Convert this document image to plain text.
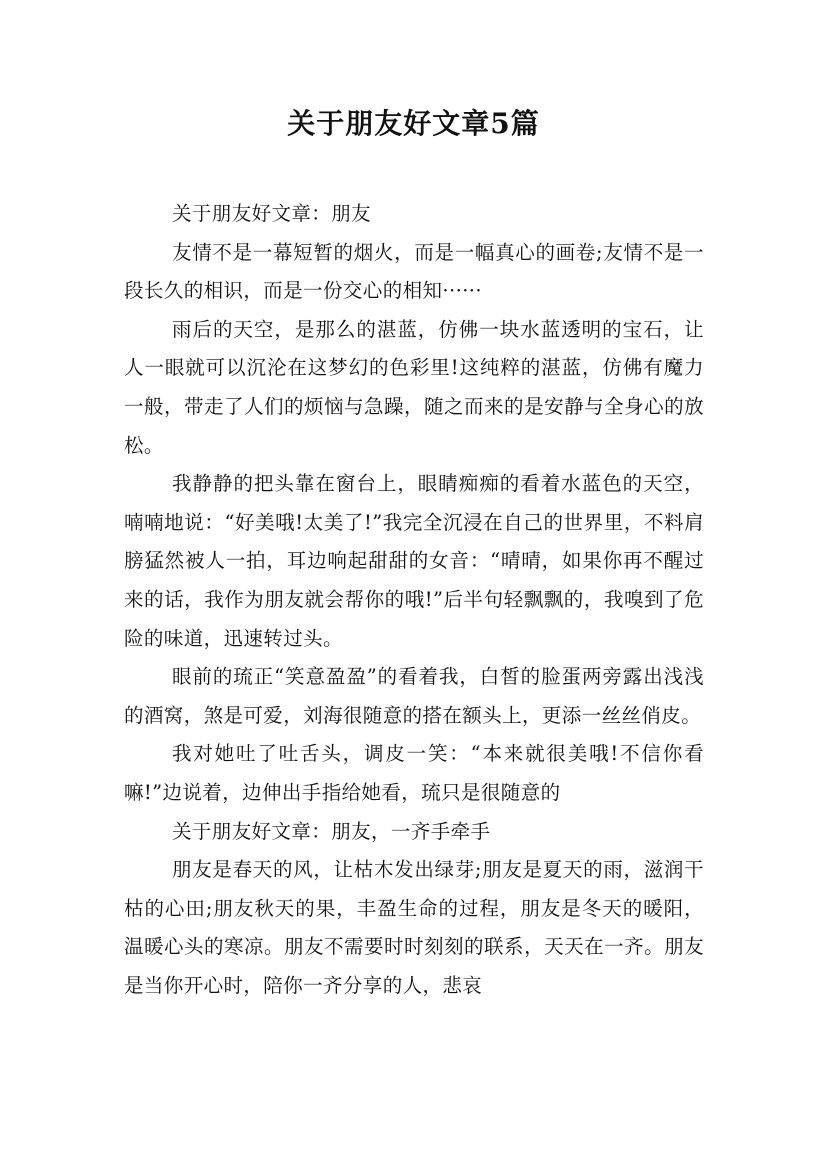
关于朋友好文章5篇

关于朋友好文章：朋友

友情不是一幕短暂的烟火，而是一幅真心的画卷;友情不是一段长久的相识，而是一份交心的相知······

雨后的天空，是那么的湛蓝，仿佛一块水蓝透明的宝石，让人一眼就可以沉沦在这梦幻的色彩里!这纯粹的湛蓝，仿佛有魔力一般，带走了人们的烦恼与急躁，随之而来的是安静与全身心的放松。

我静静的把头靠在窗台上，眼睛痴痴的看着水蓝色的天空，喃喃地说：“好美哦!太美了!”我完全沉浸在自己的世界里，不料肩膀猛然被人一拍，耳边响起甜甜的女音：“晴晴，如果你再不醒过来的话，我作为朋友就会帮你的哦!”后半句轻飘飘的，我嗅到了危险的味道，迅速转过头。

眼前的琉正“笑意盈盈”的看着我，白皙的脸蛋两旁露出浅浅的酒窝，煞是可爱，刘海很随意的搭在额头上，更添一丝丝俏皮。

我对她吐了吐舌头，调皮一笑：“本来就很美哦!不信你看嘛!”边说着，边伸出手指给她看，琉只是很随意的

关于朋友好文章：朋友，一齐手牵手

朋友是春天的风，让枯木发出绿芽;朋友是夏天的雨，滋润干枯的心田;朋友秋天的果，丰盈生命的过程，朋友是冬天的暖阳，温暖心头的寒凉。朋友不需要时时刻刻的联系，天天在一齐。朋友是当你开心时，陪你一齐分享的人，悲哀
